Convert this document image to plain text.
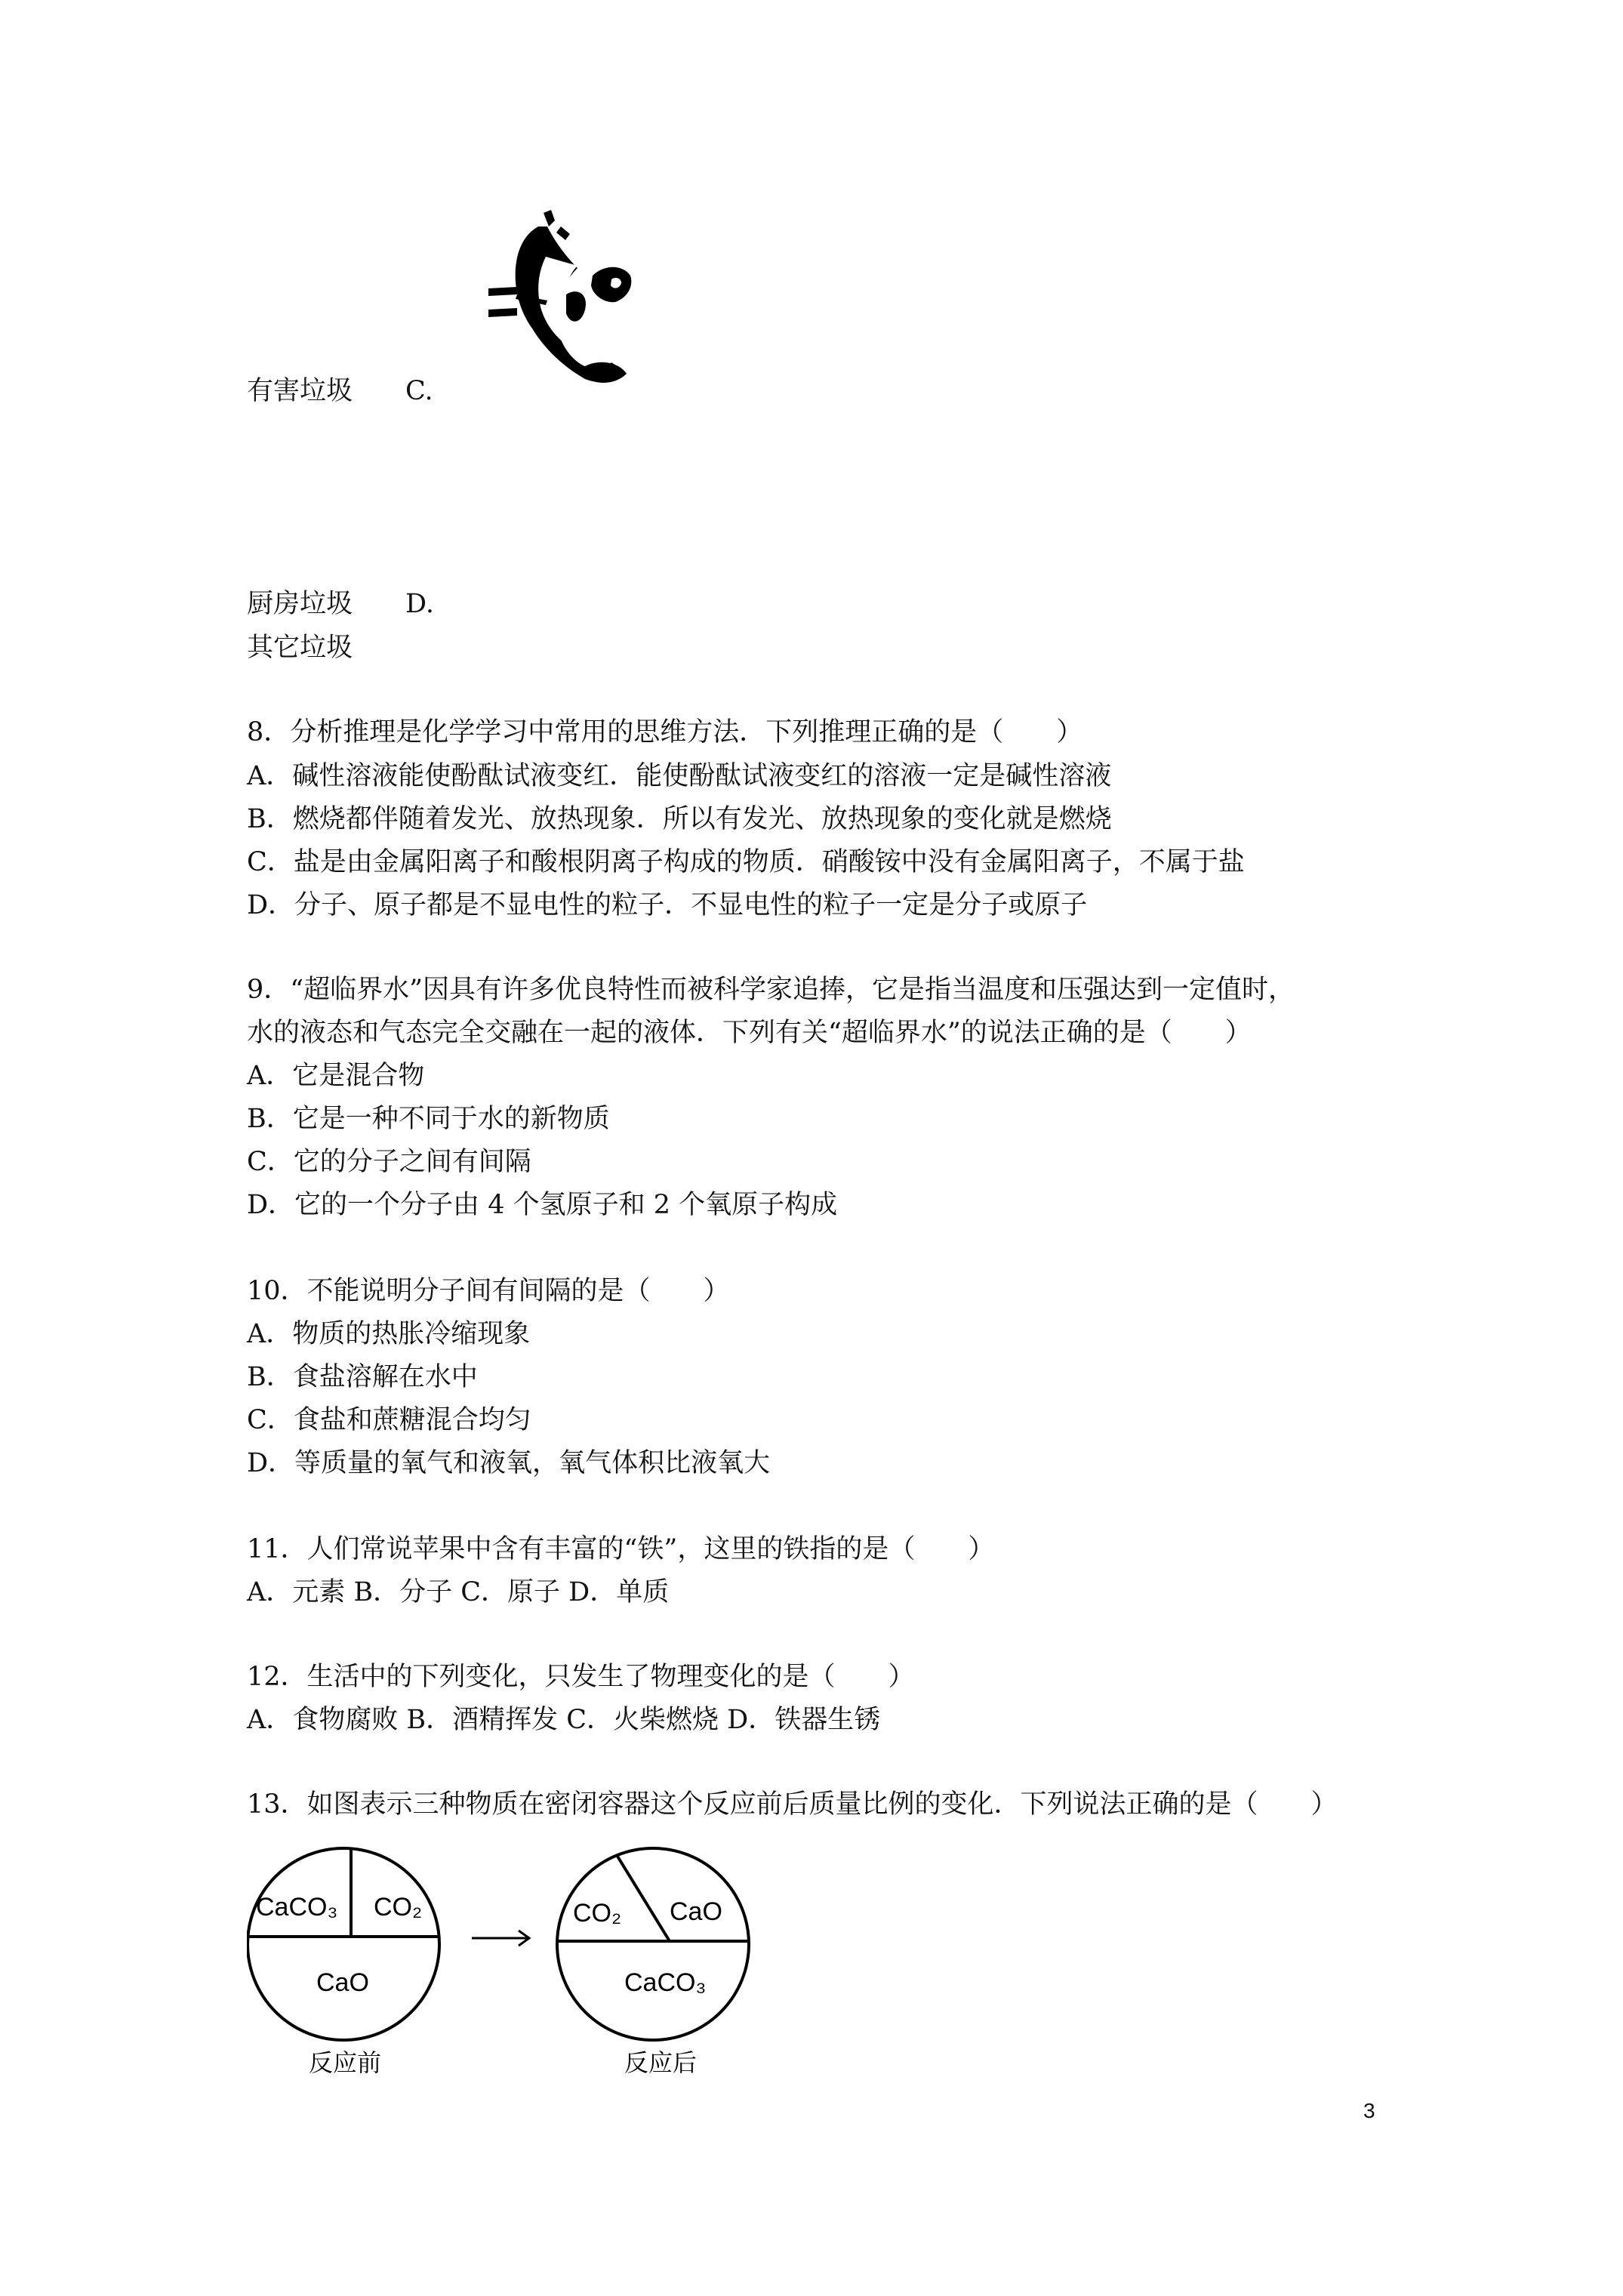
有害垃圾 C.
厨房垃圾 D.
其它垃圾
8．分析推理是化学学习中常用的思维方法．下列推理正确的是（　　）
A．碱性溶液能使酚酞试液变红．能使酚酞试液变红的溶液一定是碱性溶液
B．燃烧都伴随着发光、放热现象．所以有发光、放热现象的变化就是燃烧
C．盐是由金属阳离子和酸根阴离子构成的物质．硝酸铵中没有金属阳离子，不属于盐
D．分子、原子都是不显电性的粒子．不显电性的粒子一定是分子或原子
9．“超临界水”因具有许多优良特性而被科学家追捧，它是指当温度和压强达到一定值时，
水的液态和气态完全交融在一起的液体．下列有关“超临界水”的说法正确的是（　　）
A．它是混合物
B．它是一种不同于水的新物质
C．它的分子之间有间隔
D．它的一个分子由 4 个氢原子和 2 个氧原子构成
10．不能说明分子间有间隔的是（　　）
A．物质的热胀冷缩现象
B．食盐溶解在水中
C．食盐和蔗糖混合均匀
D．等质量的氧气和液氧，氧气体积比液氧大
11．人们常说苹果中含有丰富的“铁”，这里的铁指的是（　　）
A．元素 B．分子 C．原子 D．单质
12．生活中的下列变化，只发生了物理变化的是（　　）
A．食物腐败 B．酒精挥发 C．火柴燃烧 D．铁器生锈
13．如图表示三种物质在密闭容器这个反应前后质量比例的变化．下列说法正确的是（　　）
CaCO₃ CO₂
CaO
反应前
CO₂ CaO
CaCO₃
反应后
3
